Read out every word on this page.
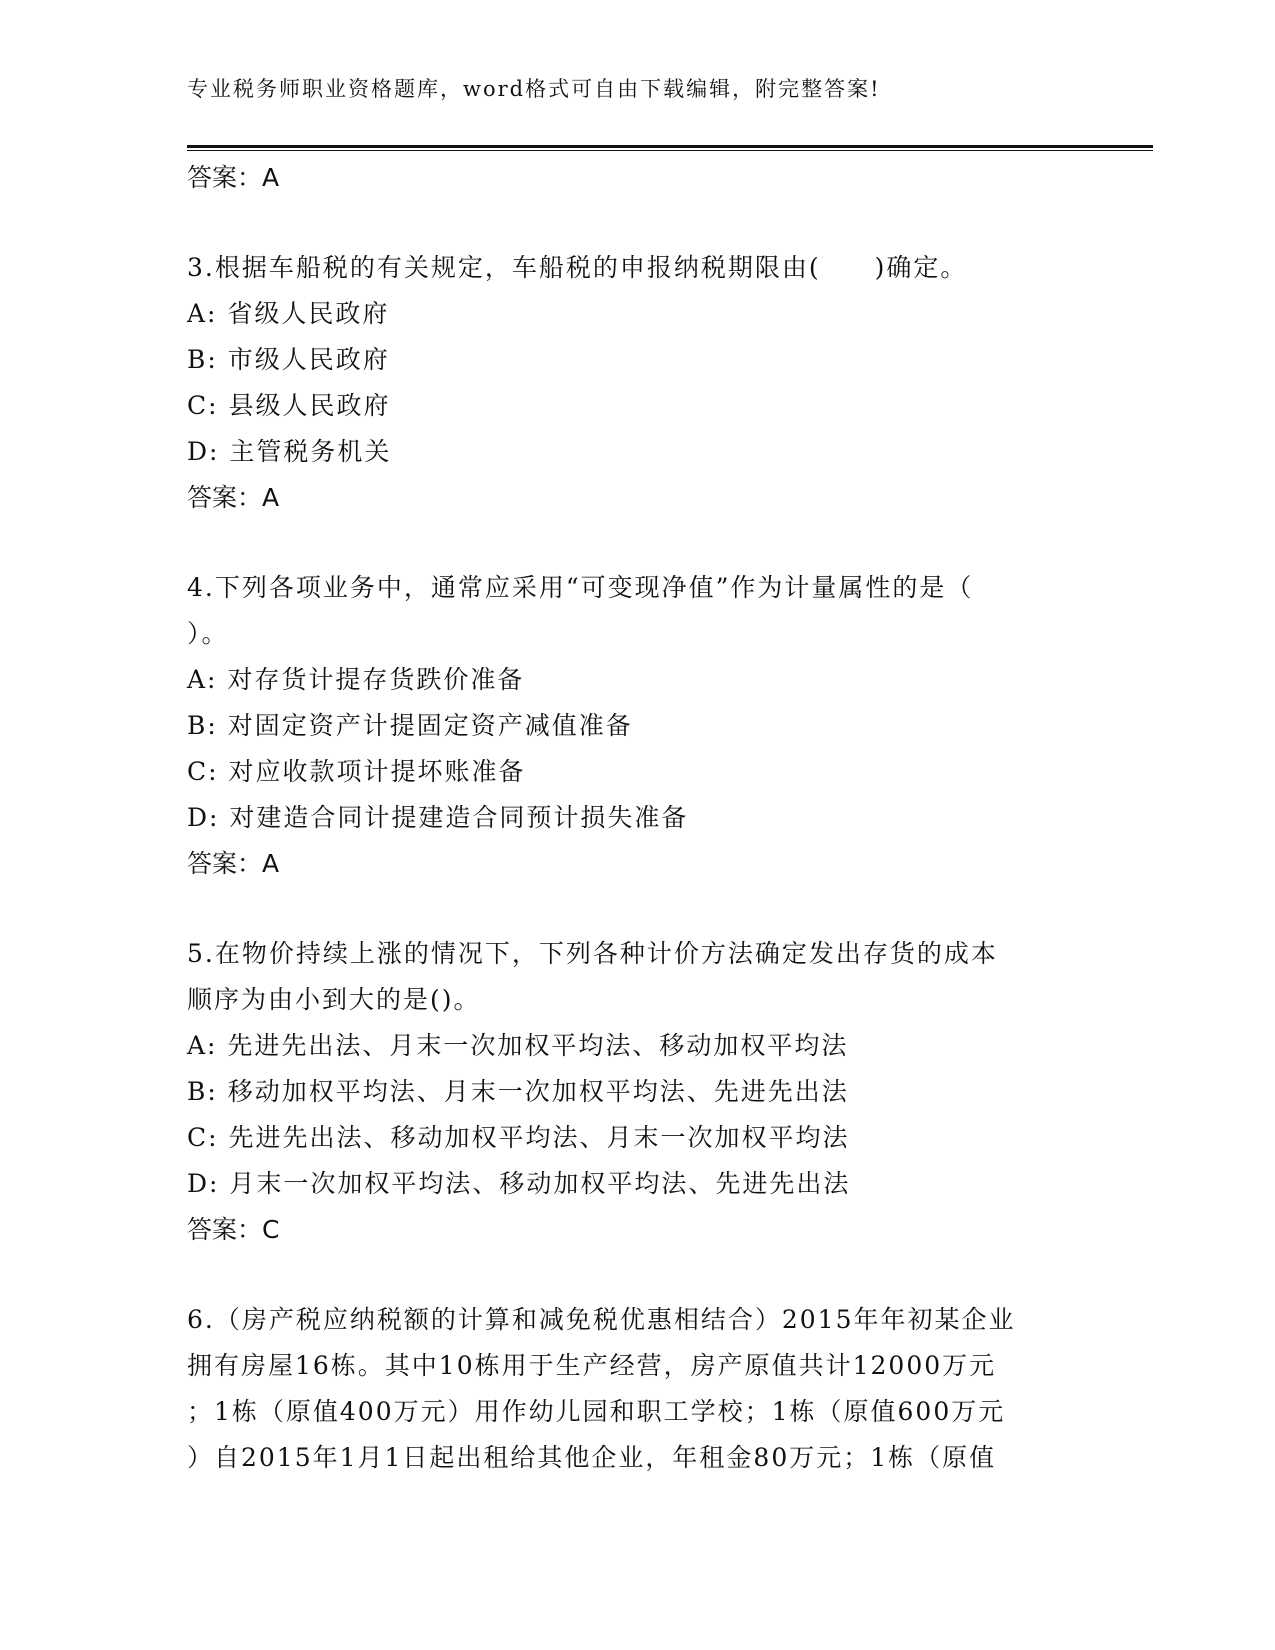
专业税务师职业资格题库，word格式可自由下载编辑，附完整答案!
答案：A
3.根据车船税的有关规定，车船税的申报纳税期限由(　　)确定。
A: 省级人民政府
B: 市级人民政府
C: 县级人民政府
D: 主管税务机关
答案：A
4.下列各项业务中，通常应采用“可变现净值”作为计量属性的是（
）。
A: 对存货计提存货跌价准备
B: 对固定资产计提固定资产减值准备
C: 对应收款项计提坏账准备
D: 对建造合同计提建造合同预计损失准备
答案：A
5.在物价持续上涨的情况下，下列各种计价方法确定发出存货的成本
顺序为由小到大的是()。
A: 先进先出法、月末一次加权平均法、移动加权平均法
B: 移动加权平均法、月末一次加权平均法、先进先出法
C: 先进先出法、移动加权平均法、月末一次加权平均法
D: 月末一次加权平均法、移动加权平均法、先进先出法
答案：C
6.（房产税应纳税额的计算和减免税优惠相结合）2015年年初某企业
拥有房屋16栋。其中10栋用于生产经营，房产原值共计12000万元
；1栋（原值400万元）用作幼儿园和职工学校；1栋（原值600万元
）自2015年1月1日起出租给其他企业，年租金80万元；1栋（原值
